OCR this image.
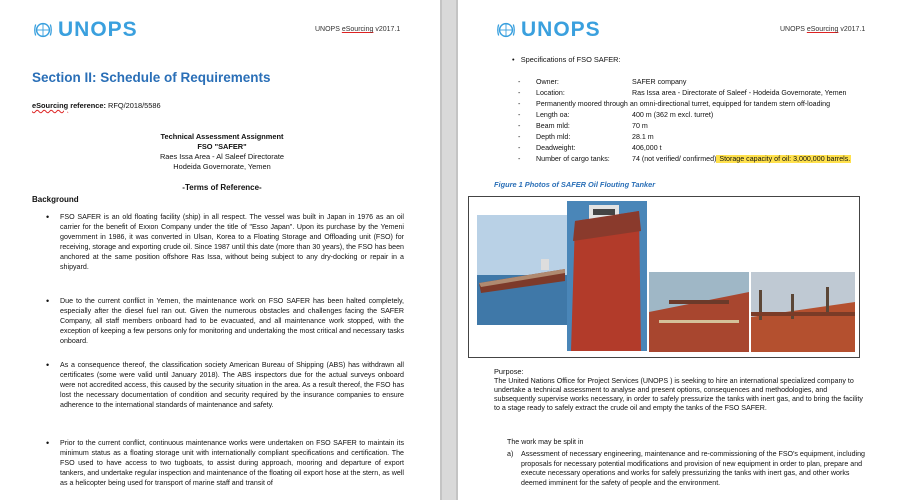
UNOPS	UNOPS eSourcing v2017.1
Section II: Schedule of Requirements
eSourcing reference: RFQ/2018/5586
Technical Assessment Assignment
FSO "SAFER"
Raes Issa Area - Al Saleef Directorate
Hodeida Governorate, Yemen
-Terms of Reference-
Background
• FSO SAFER is an old floating facility (ship) in all respect. The vessel was built in Japan in 1976 as an oil carrier for the benefit of Exxon Company under the title of "Esso Japan". Upon its purchase by the Yemeni government in 1986, it was converted in Ulsan, Korea to a Floating Storage and Offloading unit (FSO) for receiving, storage and exporting crude oil. Since 1987 until this date (more than 30 years), the FSO has been anchored at the same position offshore Ras Issa, without being subject to any dry-docking or repair in a shipyard.
• Due to the current conflict in Yemen, the maintenance work on FSO SAFER has been halted completely, especially after the diesel fuel ran out. Given the numerous obstacles and challenges facing the SAFER Company, all staff members onboard had to be evacuated, and all maintenance work stopped, with the exception of keeping a few persons only for monitoring and undertaking the most critical and necessary tasks onboard.
• As a consequence thereof, the classification society American Bureau of Shipping (ABS) has withdrawn all certificates (some were valid until January 2018). The ABS inspectors due for the actual surveys onboard were not accredited access, this caused by the security situation in the area. As a result thereof, the FSO has lost the necessary documentation of condition and security required by the insurance companies to ensure adherence to the international standards of maintenance and safety.
• Prior to the current conflict, continuous maintenance works were undertaken on FSO SAFER to maintain its minimum status as a floating storage unit with internationally compliant specifications and certification. The FSO used to have access to two tugboats, to assist during approach, mooring and departure of export tankers, and undertake regular inspection and maintenance of the floating oil export hose at the stern, as well as a helicopter being used for transport of marine staff and transit of
UNOPS	UNOPS eSourcing v2017.1
•   Specifications of FSO SAFER:
- Owner:	SAFER company
- Location:	Ras Issa area - Directorate of Saleef - Hodeida Governorate, Yemen
- Permanently moored through an omni-directional turret, equipped for tandem stern off-loading
- Length oa:	400 m (362 m excl. turret)
- Beam mld:	70 m
- Depth mld:	28.1 m
- Deadweight:	406,000 t
- Number of cargo tanks:	74 (not verified/ confirmed) Storage capacity of oil: 3,000,000 barrels.
Figure 1 Photos of SAFER Oil Flouting Tanker
Purpose:
The United Nations Office for Project Services (UNOPS ) is seeking to hire an international specialized company to undertake a technical assessment to analyse and present options, consequences and methodologies, and subsequently supervise works necessary, in order to safely pressurize the tanks with inert gas, and to bring the facility to a stage ready to safely extract the crude oil and empty the tanks of the FSO SAFER.
The work may be split in
a) Assessment of necessary engineering, maintenance and re-commissioning of the FSO's equipment, including proposals for necessary potential modifications and provision of new equipment in order to plan, prepare and execute necessary operations and works for safely pressurizing the tanks with inert gas, and other works deemed imminent for the safety of people and the environment.
